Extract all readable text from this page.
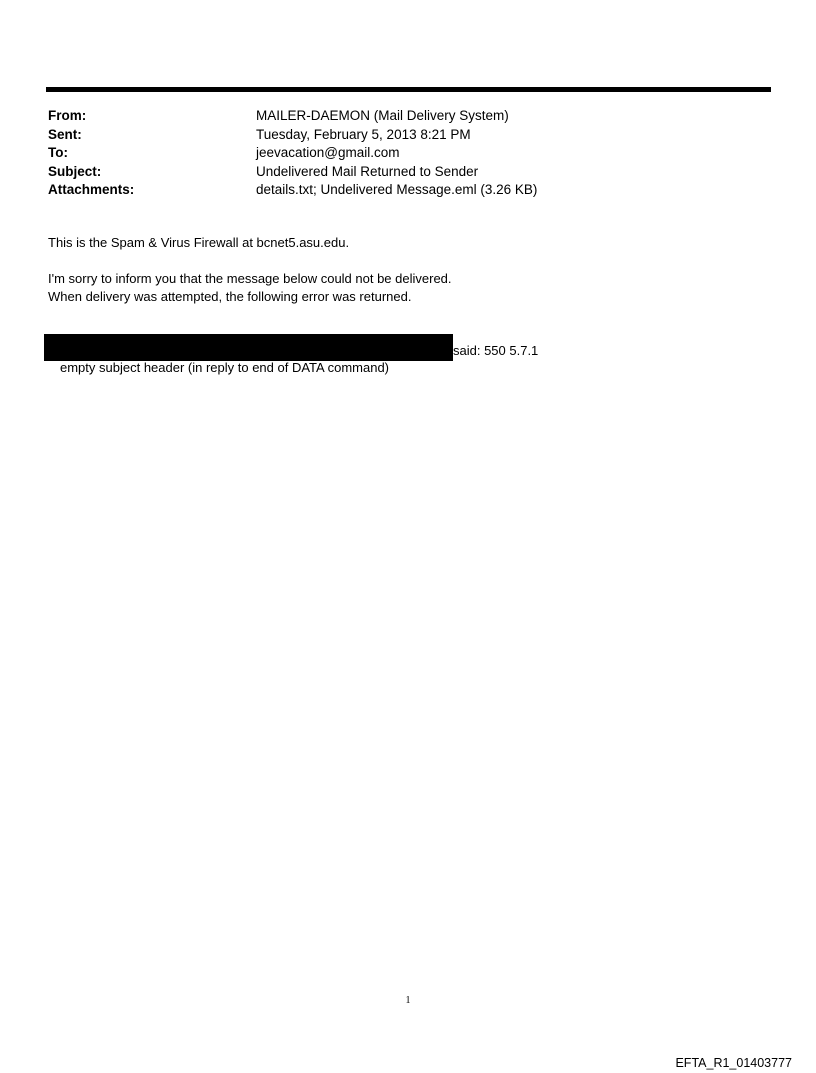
From:	MAILER-DAEMON (Mail Delivery System)
Sent:	Tuesday, February 5, 2013 8:21 PM
To:	jeevacation@gmail.com
Subject:	Undelivered Mail Returned to Sender
Attachments:	details.txt; Undelivered Message.eml (3.26 KB)
This is the Spam & Virus Firewall at bcnet5.asu.edu.
I'm sorry to inform you that the message below could not be delivered.
When delivery was attempted, the following error was returned.
said: 550 5.7.1
empty subject header (in reply to end of DATA command)
1
EFTA_R1_01403777
